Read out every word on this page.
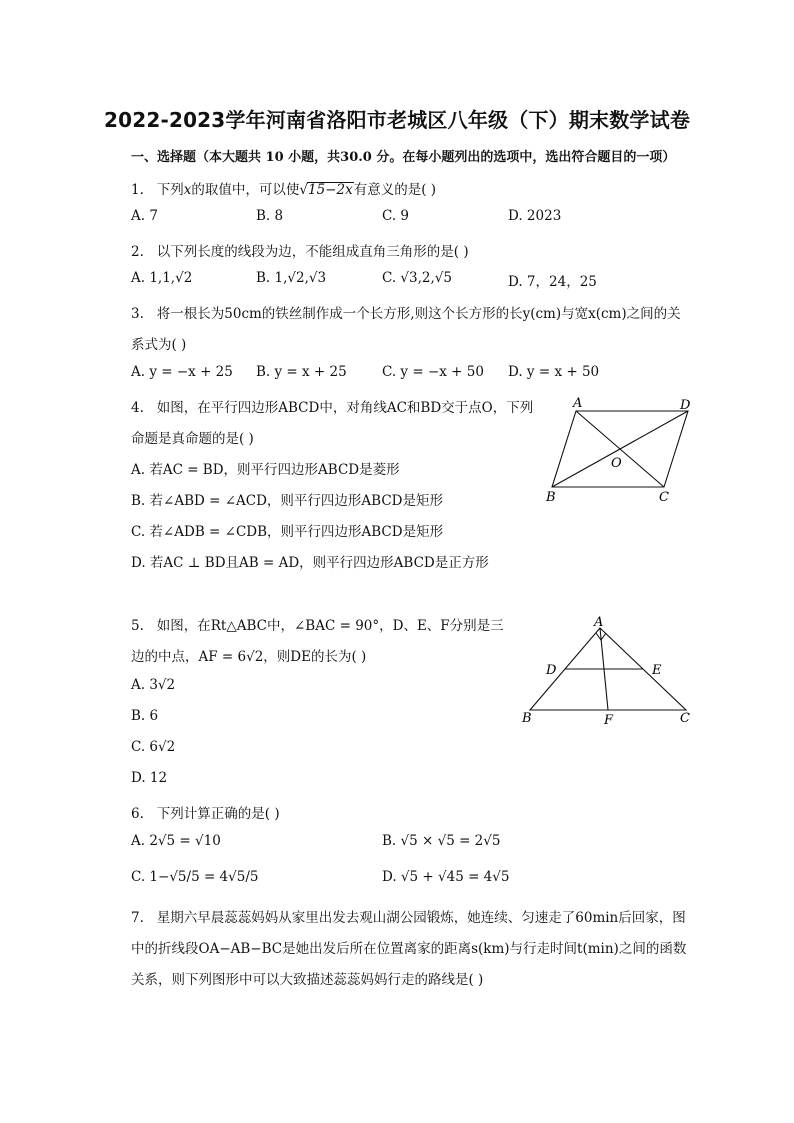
2022-2023学年河南省洛阳市老城区八年级（下）期末数学试卷
一、选择题（本大题共 10 小题，共30.0 分。在每小题列出的选项中，选出符合题目的一项）
1. 下列x的取值中，可以使√15−2x有意义的是( )
A. 7	B. 8	C. 9	D. 2023
2. 以下列长度的线段为边，不能组成直角三角形的是( )
A. 1,1,√2	B. 1,√2,√3	C. √3,2,√5	D. 7，24，25
3. 将一根长为50cm的铁丝制作成一个长方形,则这个长方形的长y(cm)与宽x(cm)之间的关
系式为( )
A. y = −x + 25 B. y = x + 25	C. y = −x + 50 D. y = x + 50
4. 如图，在平行四边形ABCD中，对角线AC和BD交于点O，下列
命题是真命题的是( )
A. 若AC = BD，则平行四边形ABCD是菱形
B. 若∠ABD = ∠ACD，则平行四边形ABCD是矩形
C. 若∠ADB = ∠CDB，则平行四边形ABCD是矩形
D. 若AC ⊥ BD且AB = AD，则平行四边形ABCD是正方形
A	D
B	C
O
5. 如图，在Rt△ABC中，∠BAC = 90°，D、E、F分别是三
边的中点，AF = 6√2，则DE的长为( )
A. 3√2
B. 6
C. 6√2
D. 12
A
D	E
B	F	C
6. 下列计算正确的是( )
A. 2√5 = √10	B. √5 × √5 = 2√5
C. 1−√5/5 = 4√5/5	D. √5 + √45 = 4√5
7. 星期六早晨蕊蕊妈妈从家里出发去观山湖公园锻炼，她连续、匀速走了60min后回家，图
中的折线段OA−AB−BC是她出发后所在位置离家的距离s(km)与行走时间t(min)之间的函数
关系，则下列图形中可以大致描述蕊蕊妈妈行走的路线是( )
